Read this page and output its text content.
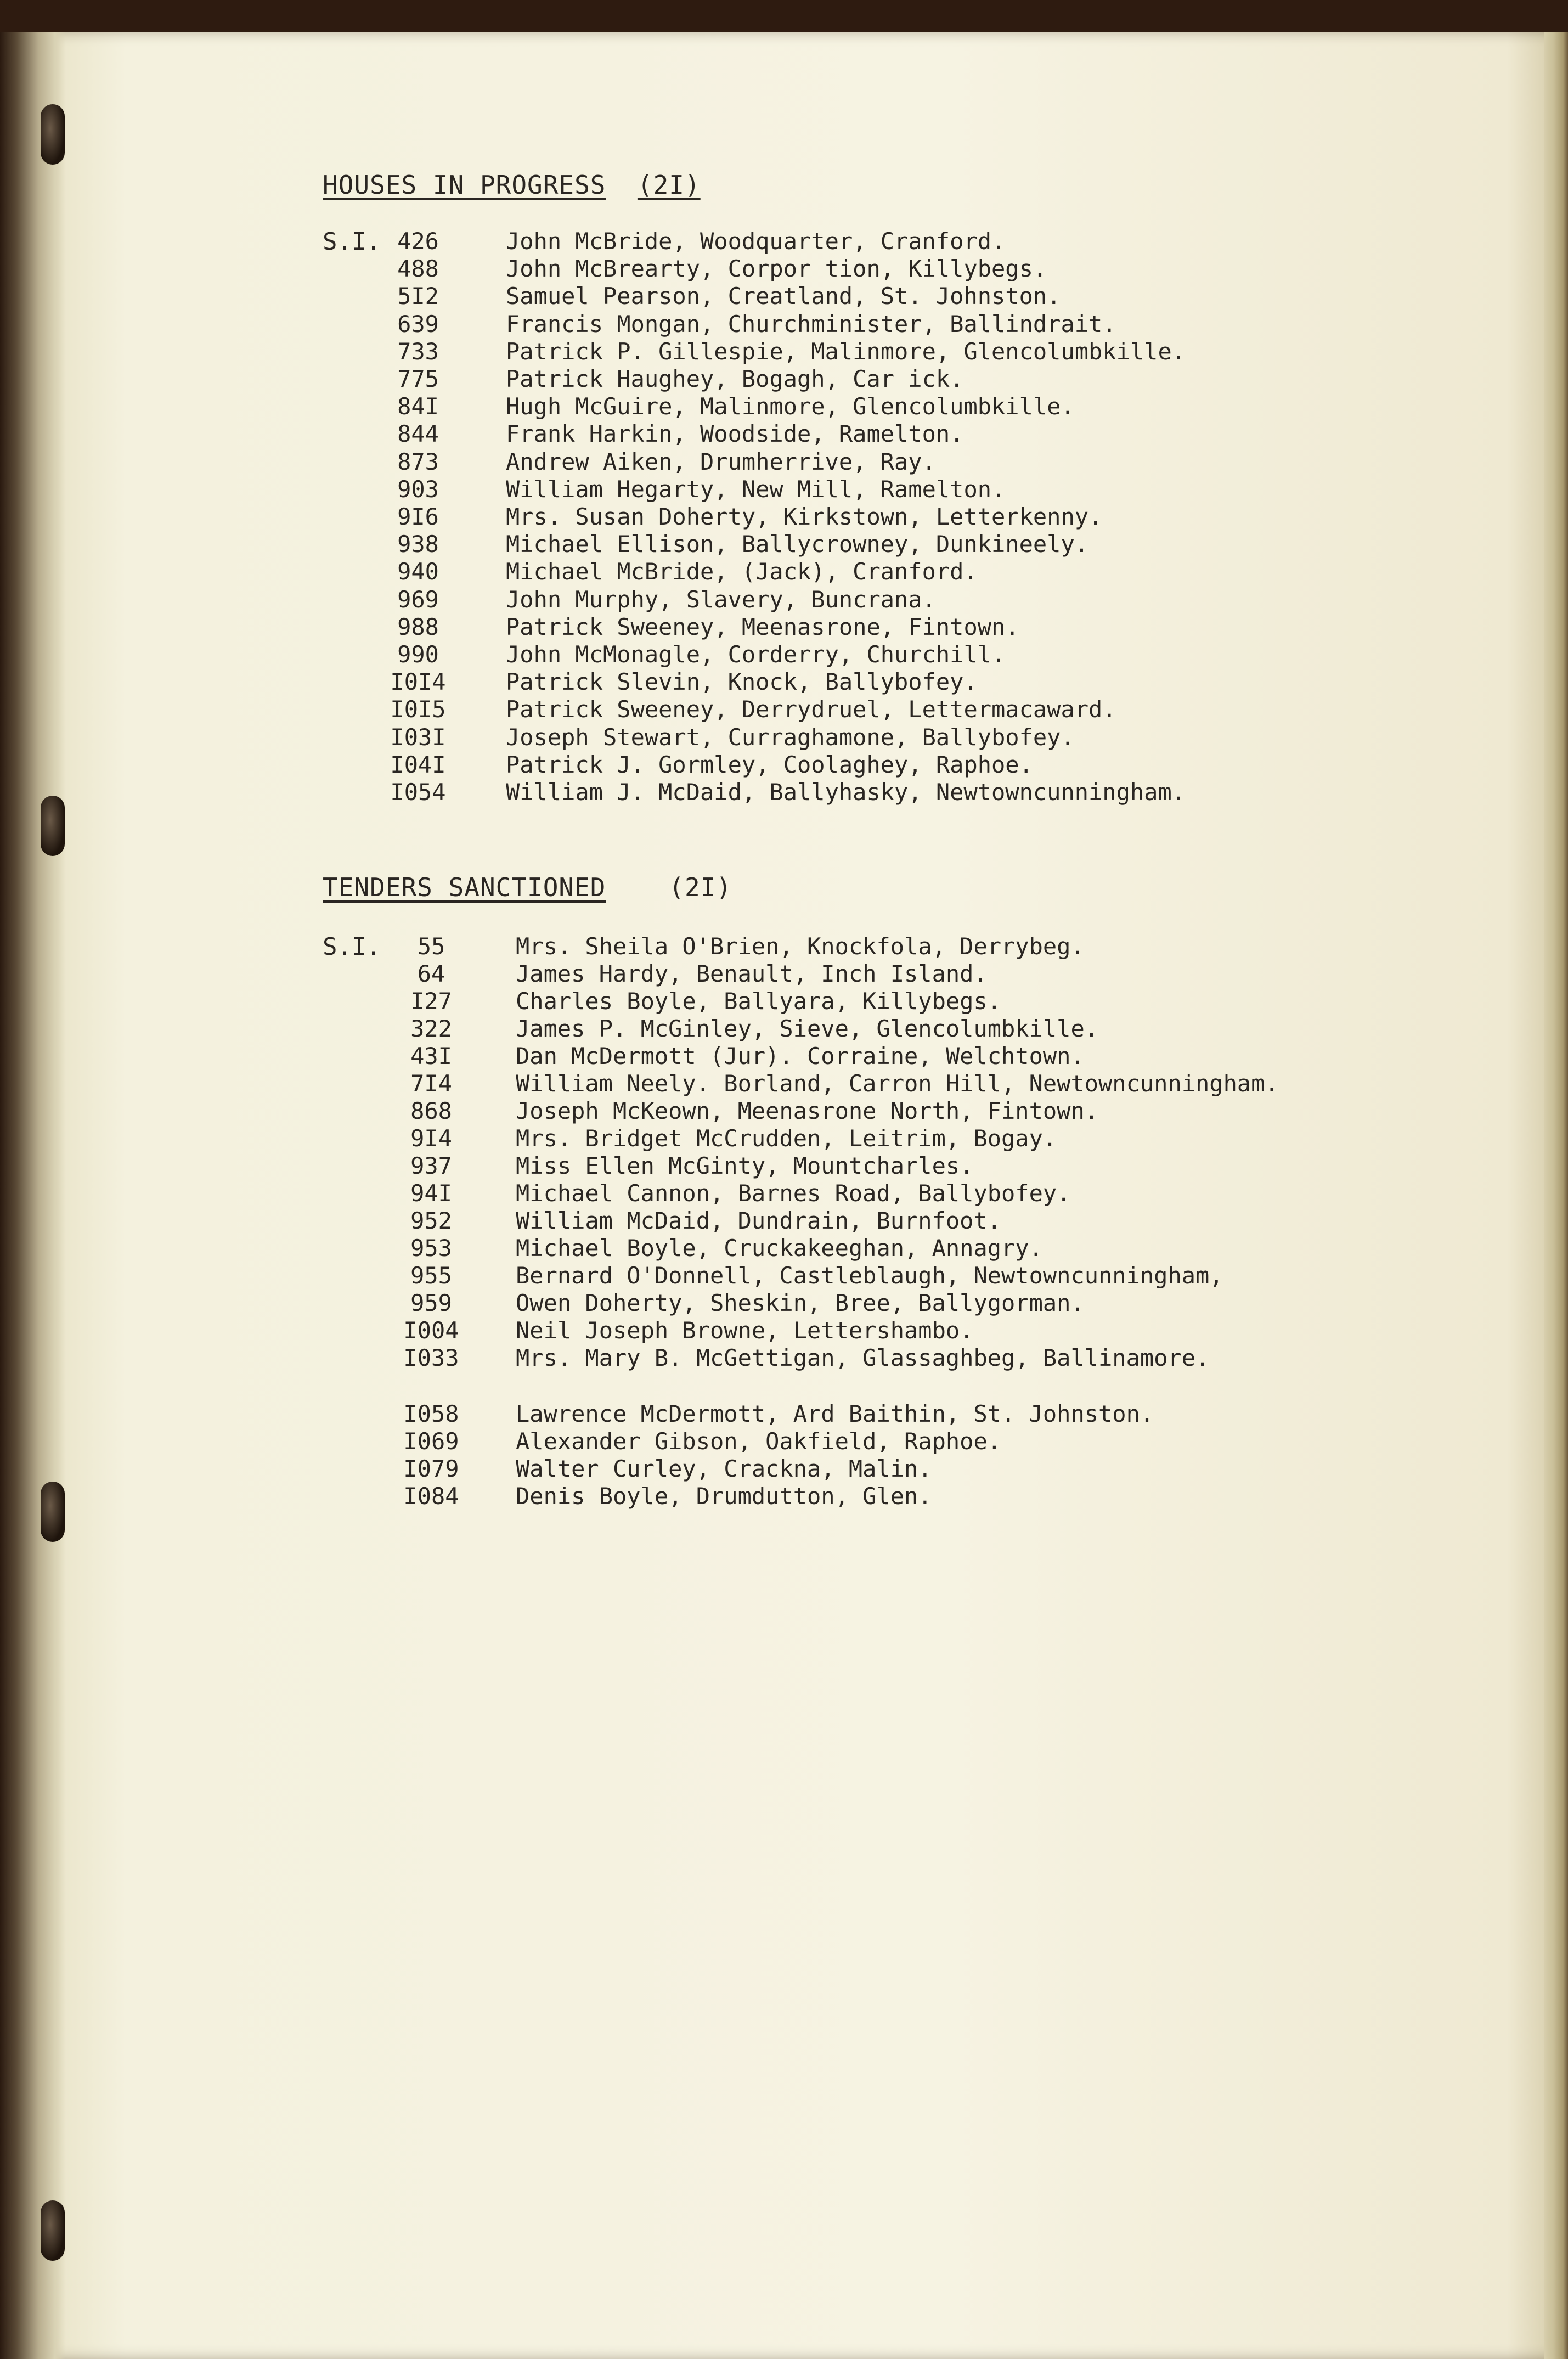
HOUSES IN PROGRESS (2I)
S.I. 426	John McBride, Woodquarter, Cranford.
488	John McBrearty, Corpor tion, Killybegs.
5I2	Samuel Pearson, Creatland, St. Johnston.
639	Francis Mongan, Churchminister, Ballindrait.
733	Patrick P. Gillespie, Malinmore, Glencolumbkille.
775	Patrick Haughey, Bogagh, Car ick.
84I	Hugh McGuire, Malinmore, Glencolumbkille.
844	Frank Harkin, Woodside, Ramelton.
873	Andrew Aiken, Drumherrive, Ray.
903	William Hegarty, New Mill, Ramelton.
9I6	Mrs. Susan Doherty, Kirkstown, Letterkenny.
938	Michael Ellison, Ballycrowney, Dunkineely.
940	Michael McBride, (Jack), Cranford.
969	John Murphy, Slavery, Buncrana.
988	Patrick Sweeney, Meenasrone, Fintown.
990	John McMonagle, Corderry, Churchill.
I0I4	Patrick Slevin, Knock, Ballybofey.
I0I5	Patrick Sweeney, Derrydruel, Lettermacaward.
I03I	Joseph Stewart, Curraghamone, Ballybofey.
I04I	Patrick J. Gormley, Coolaghey, Raphoe.
I054	William J. McDaid, Ballyhasky, Newtowncunningham.
TENDERS SANCTIONED (2I)
S.I.	55	Mrs. Sheila O'Brien, Knockfola, Derrybeg.
64	James Hardy, Benault, Inch Island.
I27	Charles Boyle, Ballyara, Killybegs.
322	James P. McGinley, Sieve, Glencolumbkille.
43I	Dan McDermott (Jur). Corraine, Welchtown.
7I4	William Neely. Borland, Carron Hill, Newtowncunningham.
868	Joseph McKeown, Meenasrone North, Fintown.
9I4	Mrs. Bridget McCrudden, Leitrim, Bogay.
937	Miss Ellen McGinty, Mountcharles.
94I	Michael Cannon, Barnes Road, Ballybofey.
952	William McDaid, Dundrain, Burnfoot.
953	Michael Boyle, Cruckakeeghan, Annagry.
955	Bernard O'Donnell, Castleblaugh, Newtowncunningham,
959	Owen Doherty, Sheskin, Bree, Ballygorman.
I004	Neil Joseph Browne, Lettershambo.
I033	Mrs. Mary B. McGettigan, Glassaghbeg, Ballinamore.
I058	Lawrence McDermott, Ard Baithin, St. Johnston.
I069	Alexander Gibson, Oakfield, Raphoe.
I079	Walter Curley, Crackna, Malin.
I084	Denis Boyle, Drumdutton, Glen.
